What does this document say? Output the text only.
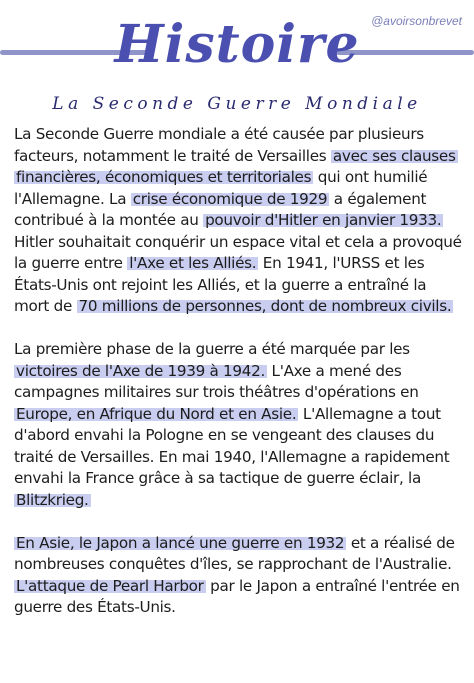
@avoirsonbrevet
Histoire
La Seconde Guerre Mondiale

La Seconde Guerre mondiale a été causée par plusieurs facteurs, notamment le traité de Versailles avec ses clauses financières, économiques et territoriales qui ont humilié l'Allemagne. La crise économique de 1929 a également contribué à la montée au pouvoir d'Hitler en janvier 1933. Hitler souhaitait conquérir un espace vital et cela a provoqué la guerre entre l'Axe et les Alliés. En 1941, l'URSS et les États-Unis ont rejoint les Alliés, et la guerre a entraîné la mort de 70 millions de personnes, dont de nombreux civils.

La première phase de la guerre a été marquée par les victoires de l'Axe de 1939 à 1942. L'Axe a mené des campagnes militaires sur trois théâtres d'opérations en Europe, en Afrique du Nord et en Asie. L'Allemagne a tout d'abord envahi la Pologne en se vengeant des clauses du traité de Versailles. En mai 1940, l'Allemagne a rapidement envahi la France grâce à sa tactique de guerre éclair, la Blitzkrieg.

En Asie, le Japon a lancé une guerre en 1932 et a réalisé de nombreuses conquêtes d'îles, se rapprochant de l'Australie. L'attaque de Pearl Harbor par le Japon a entraîné l'entrée en guerre des États-Unis.
